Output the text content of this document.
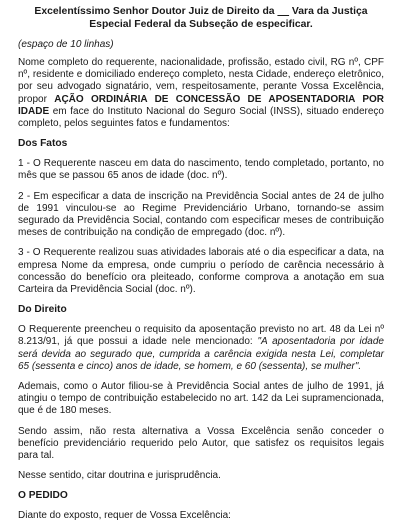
Excelentíssimo Senhor Doutor Juiz de Direito da __ Vara da Justiça Especial Federal da Subseção de especificar.
(espaço de 10 linhas)

Nome completo do requerente, nacionalidade, profissão, estado civil, RG nº, CPF nº, residente e domiciliado endereço completo, nesta Cidade, endereço eletrônico, por seu advogado signatário, vem, respeitosamente, perante Vossa Excelência, propor AÇÃO ORDINÁRIA DE CONCESSÃO DE APOSENTADORIA POR IDADE em face do Instituto Nacional do Seguro Social (INSS), situado endereço completo, pelos seguintes fatos e fundamentos:

Dos Fatos

1 - O Requerente nasceu em data do nascimento, tendo completado, portanto, no mês que se passou 65 anos de idade (doc. nº).

2 - Em especificar a data de inscrição na Previdência Social antes de 24 de julho de 1991 vinculou-se ao Regime Previdenciário Urbano, tornando-se assim segurado da Previdência Social, contando com especificar meses de contribuição meses de contribuição na condição de empregado (doc. nº).

3 - O Requerente realizou suas atividades laborais até o dia especificar a data, na empresa Nome da empresa, onde cumpriu o período de carência necessário à concessão do benefício ora pleiteado, conforme comprova a anotação em sua Carteira da Previdência Social (doc. nº).

Do Direito

O Requerente preencheu o requisito da aposentação previsto no art. 48 da Lei nº 8.213/91, já que possui a idade nele mencionado: "A aposentadoria por idade será devida ao segurado que, cumprida a carência exigida nesta Lei, completar 65 (sessenta e cinco) anos de idade, se homem, e 60 (sessenta), se mulher".

Ademais, como o Autor filiou-se à Previdência Social antes de julho de 1991, já atingiu o tempo de contribuição estabelecido no art. 142 da Lei supramencionada, que é de 180 meses.

Sendo assim, não resta alternativa a Vossa Excelência senão conceder o benefício previdenciário requerido pelo Autor, que satisfez os requisitos legais para tal.

Nesse sentido, citar doutrina e jurisprudência.

O PEDIDO

Diante do exposto, requer de Vossa Excelência:
